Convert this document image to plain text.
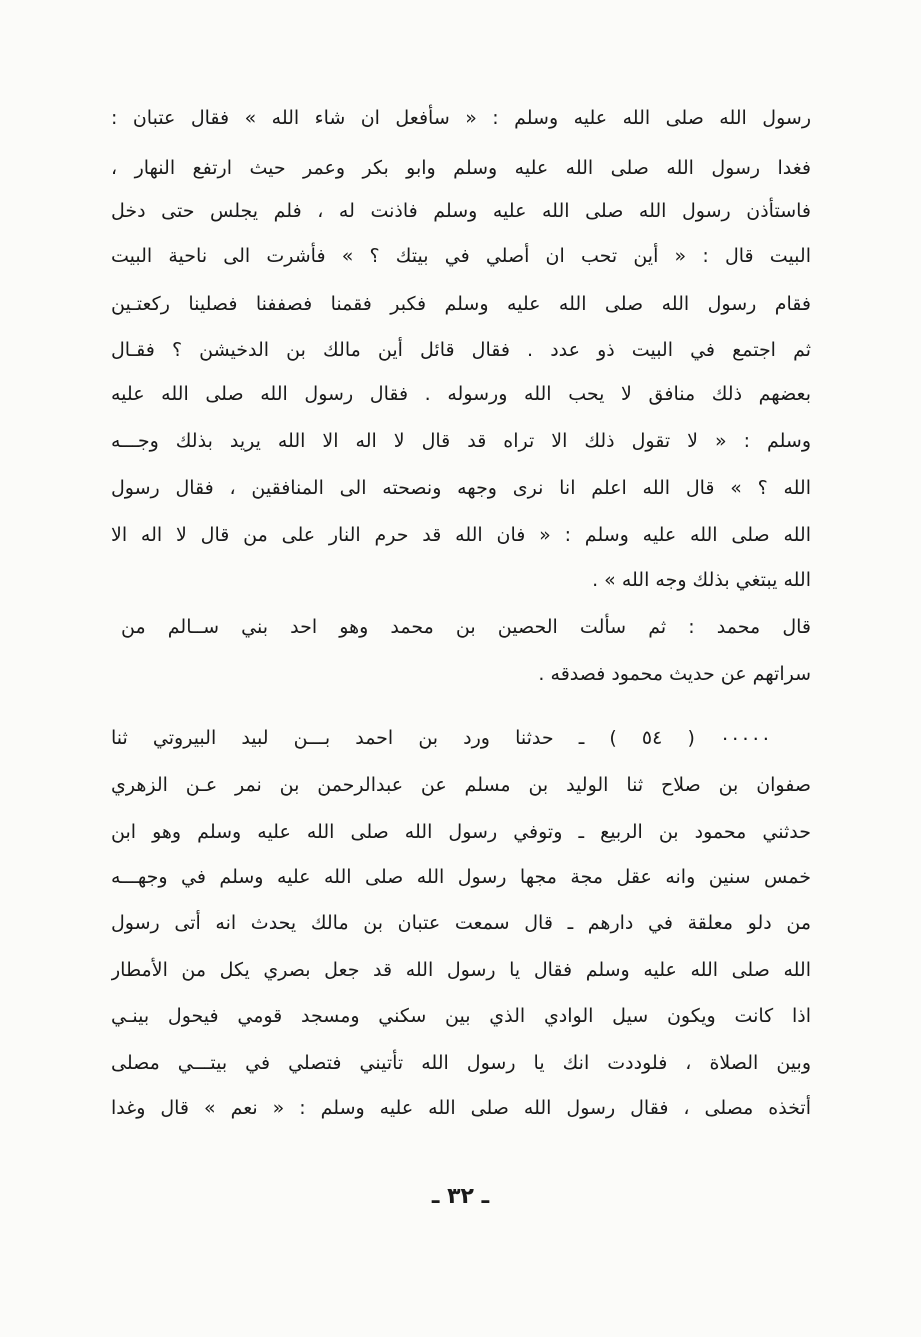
رسول الله صلى الله عليه وسلم : « سأفعل ان شاء الله » فقال عتبان :
فغدا رسول الله صلى الله عليه وسلم وابو بكر وعمر حيث ارتفع النهار ،
فاستأذن رسول الله صلى الله عليه وسلم فاذنت له ، فلم يجلس حتى دخل
البيت قال : « أين تحب ان أصلي في بيتك ؟ » فأشرت الى ناحية البيت
فقام رسول الله صلى الله عليه وسلم فكبر فقمنا فصففنا فصلينا ركعتـين
ثم اجتمع في البيت ذو عدد . فقال قائل أين مالك بن الدخيشن ؟ فقـال
بعضهم ذلك منافق لا يحب الله ورسوله . فقال رسول الله صلى الله عليه
وسلم : « لا تقول ذلك الا تراه قد قال لا اله الا الله يريد بذلك وجـــه
الله ؟ » قال الله اعلم انا نرى وجهه ونصحته الى المنافقين ، فقال رسول
الله صلى الله عليه وسلم : « فان الله قد حرم النار على من قال لا اله الا
الله يبتغي بذلك وجه الله » .
قال محمد : ثم سألت الحصين بن محمد وهو احد بني ســالم من
سراتهم عن حديث محمود فصدقه .
٠٠٠٠٠ ( ٥٤ ) ـ حدثنا ورد بن احمد بـــن لبيد البيروتي ثنا
صفوان بن صلاح ثنا الوليد بن مسلم عن عبدالرحمن بن نمر عـن الزهري
حدثني محمود بن الربيع ـ وتوفي رسول الله صلى الله عليه وسلم وهو ابن
خمس سنين وانه عقل مجة مجها رسول الله صلى الله عليه وسلم في وجهـــه
من دلو معلقة في دارهم ـ قال سمعت عتبان بن مالك يحدث انه أتى رسول
الله صلى الله عليه وسلم فقال يا رسول الله قد جعل بصري يكل من الأمطار
اذا كانت ويكون سيل الوادي الذي بين سكني ومسجد قومي فيحول بينـي
وبين الصلاة ، فلوددت انك يا رسول الله تأتيني فتصلي في بيتـــي مصلى
أتخذه مصلى ، فقال رسول الله صلى الله عليه وسلم : « نعم » قال وغدا
ـ ٣٢ ـ
